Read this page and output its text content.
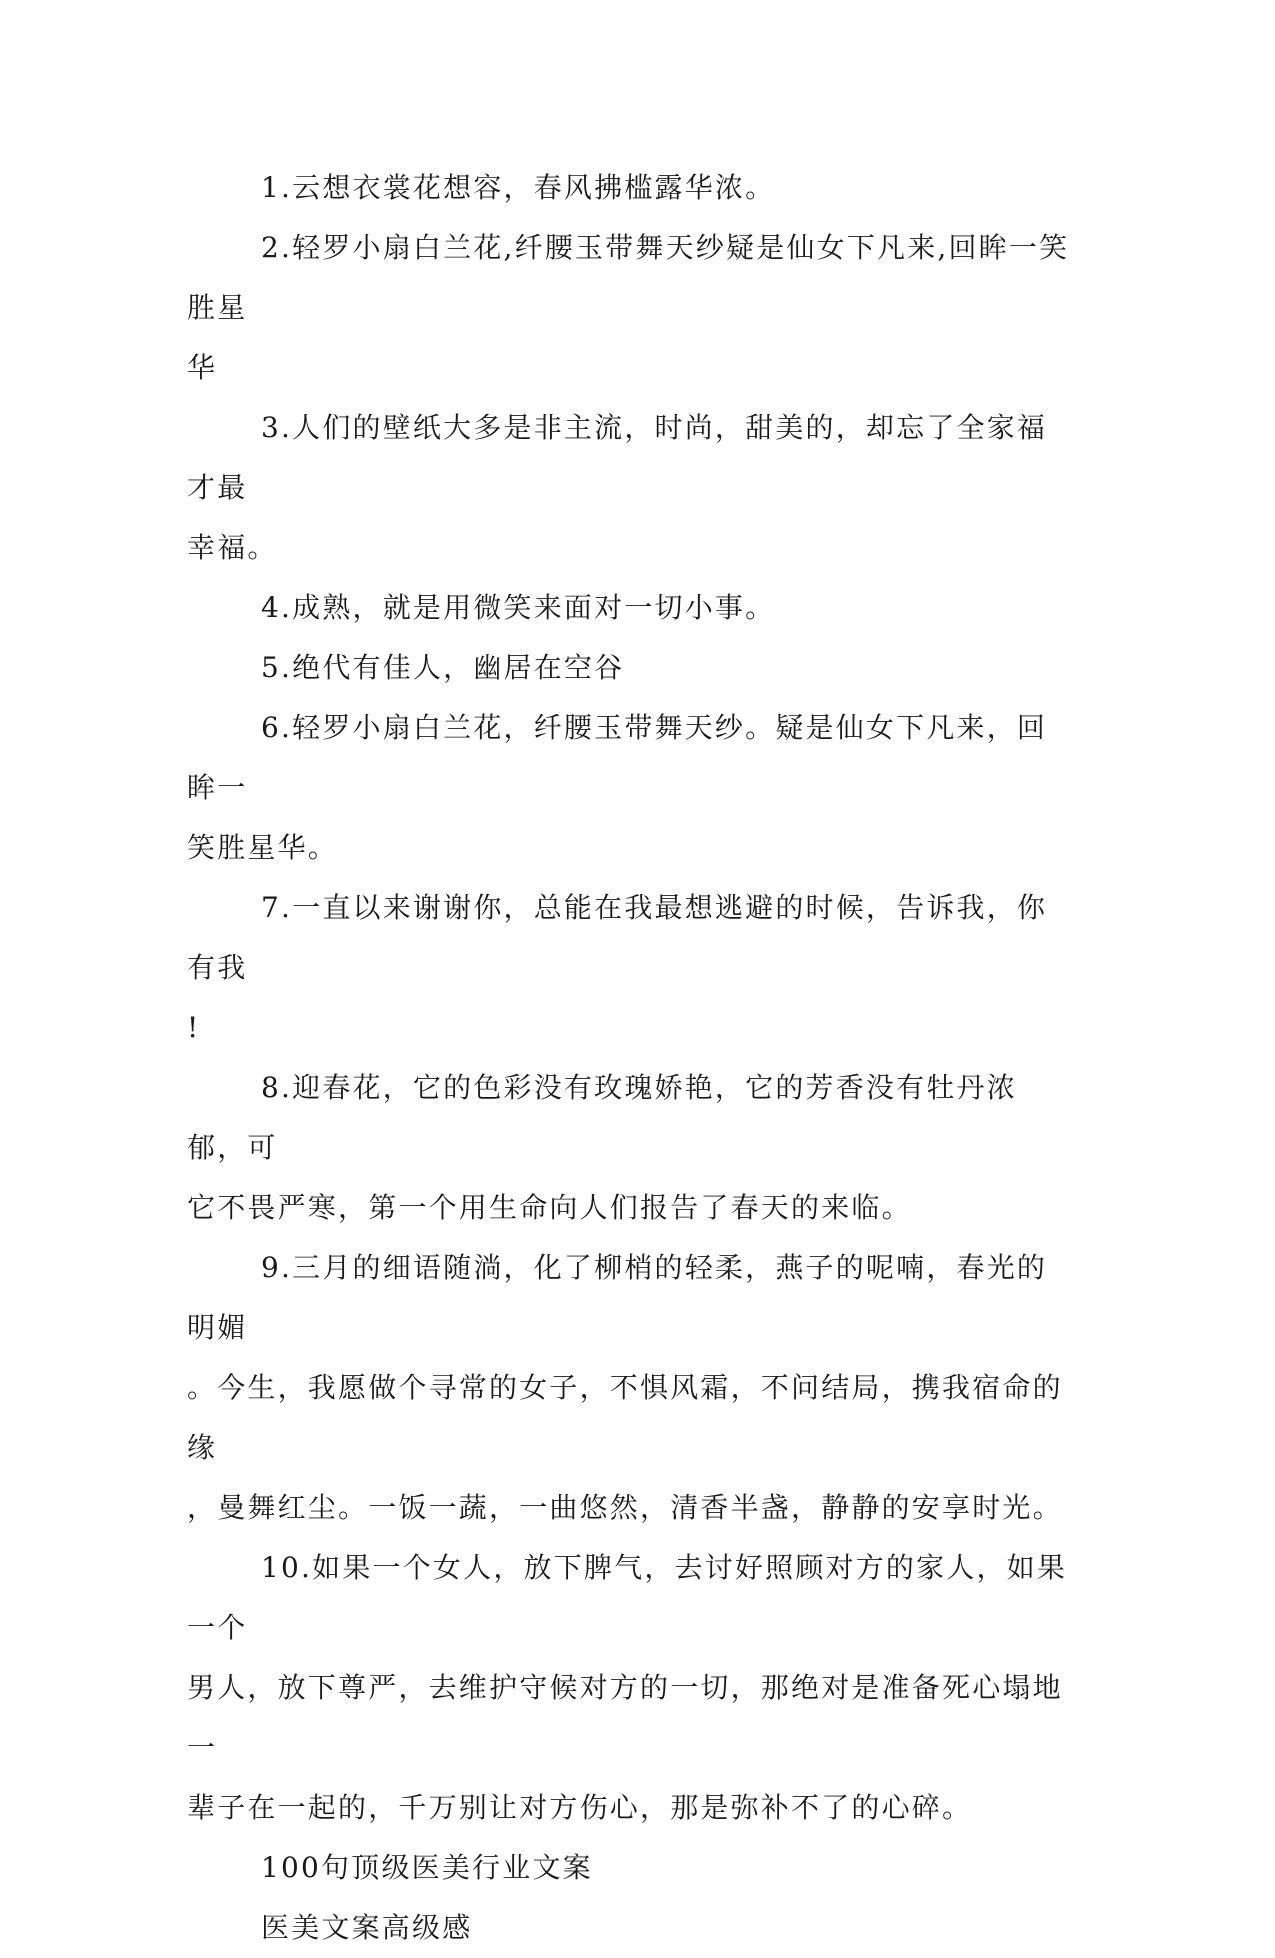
1.云想衣裳花想容，春风拂槛露华浓。

2.轻罗小扇白兰花,纤腰玉带舞天纱疑是仙女下凡来,回眸一笑胜星
华

3.人们的壁纸大多是非主流，时尚，甜美的，却忘了全家福才最
幸福。

4.成熟，就是用微笑来面对一切小事。

5.绝代有佳人，幽居在空谷

6.轻罗小扇白兰花，纤腰玉带舞天纱。疑是仙女下凡来，回眸一
笑胜星华。

7.一直以来谢谢你，总能在我最想逃避的时候，告诉我，你有我
!

8.迎春花，它的色彩没有玫瑰娇艳，它的芳香没有牡丹浓郁，可
它不畏严寒，第一个用生命向人们报告了春天的来临。

9.三月的细语随淌，化了柳梢的轻柔，燕子的呢喃，春光的明媚
。今生，我愿做个寻常的女子，不惧风霜，不问结局，携我宿命的缘
，曼舞红尘。一饭一蔬，一曲悠然，清香半盏，静静的安享时光。

10.如果一个女人，放下脾气，去讨好照顾对方的家人，如果一个
男人，放下尊严，去维护守候对方的一切，那绝对是准备死心塌地一
辈子在一起的，千万别让对方伤心，那是弥补不了的心碎。

100句顶级医美行业文案

医美文案高级感
